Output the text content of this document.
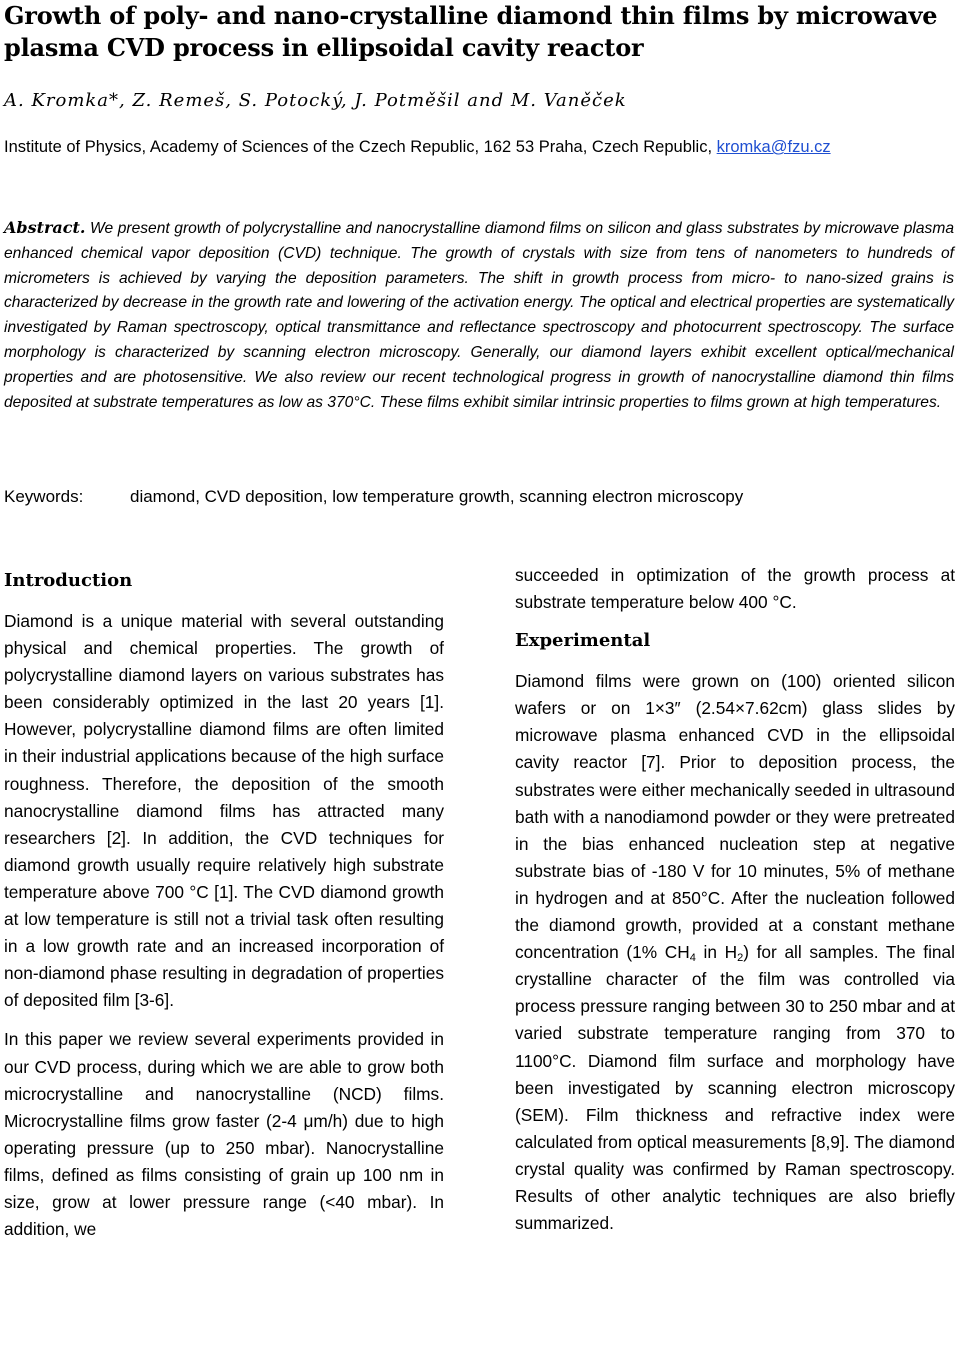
Growth of poly- and nano-crystalline diamond thin films by microwave plasma CVD process in ellipsoidal cavity reactor
A. Kromka*, Z. Remeš, S. Potocký, J. Potměšil and M. Vaněček
Institute of Physics, Academy of Sciences of the Czech Republic, 162 53 Praha, Czech Republic, kromka@fzu.cz
Abstract. We present growth of polycrystalline and nanocrystalline diamond films on silicon and glass substrates by microwave plasma enhanced chemical vapor deposition (CVD) technique. The growth of crystals with size from tens of nanometers to hundreds of micrometers is achieved by varying the deposition parameters. The shift in growth process from micro- to nano-sized grains is characterized by decrease in the growth rate and lowering of the activation energy. The optical and electrical properties are systematically investigated by Raman spectroscopy, optical transmittance and reflectance spectroscopy and photocurrent spectroscopy. The surface morphology is characterized by scanning electron microscopy. Generally, our diamond layers exhibit excellent optical/mechanical properties and are photosensitive. We also review our recent technological progress in growth of nanocrystalline diamond thin films deposited at substrate temperatures as low as 370°C. These films exhibit similar intrinsic properties to films grown at high temperatures.
Keywords:	diamond, CVD deposition, low temperature growth, scanning electron microscopy
Introduction

Diamond is a unique material with several outstanding physical and chemical properties. The growth of polycrystalline diamond layers on various substrates has been considerably optimized in the last 20 years [1]. However, polycrystalline diamond films are often limited in their industrial applications because of the high surface roughness. Therefore, the deposition of the smooth nanocrystalline diamond films has attracted many researchers [2]. In addition, the CVD techniques for diamond growth usually require relatively high substrate temperature above 700 °C [1]. The CVD diamond growth at low temperature is still not a trivial task often resulting in a low growth rate and an increased incorporation of non-diamond phase resulting in degradation of properties of deposited film [3-6].

In this paper we review several experiments provided in our CVD process, during which we are able to grow both microcrystalline and nanocrystalline (NCD) films. Microcrystalline films grow faster (2-4 μm/h) due to high operating pressure (up to 250 mbar). Nanocrystalline films, defined as films consisting of grain up 100 nm in size, grow at lower pressure range (<40 mbar). In addition, we

succeeded in optimization of the growth process at substrate temperature below 400 °C.

Experimental

Diamond films were grown on (100) oriented silicon wafers or on 1×3″ (2.54×7.62cm) glass slides by microwave plasma enhanced CVD in the ellipsoidal cavity reactor [7]. Prior to deposition process, the substrates were either mechanically seeded in ultrasound bath with a nanodiamond powder or they were pretreated in the bias enhanced nucleation step at negative substrate bias of -180 V for 10 minutes, 5% of methane in hydrogen and at 850°C. After the nucleation followed the diamond growth, provided at a constant methane concentration (1% $CH_4$ in $H_2$) for all samples. The final crystalline character of the film was controlled via process pressure ranging between 30 to 250 mbar and at varied substrate temperature ranging from 370 to 1100°C. Diamond film surface and morphology have been investigated by scanning electron microscopy (SEM). Film thickness and refractive index were calculated from optical measurements [8,9]. The diamond crystal quality was confirmed by Raman spectroscopy. Results of other analytic techniques are also briefly summarized.
